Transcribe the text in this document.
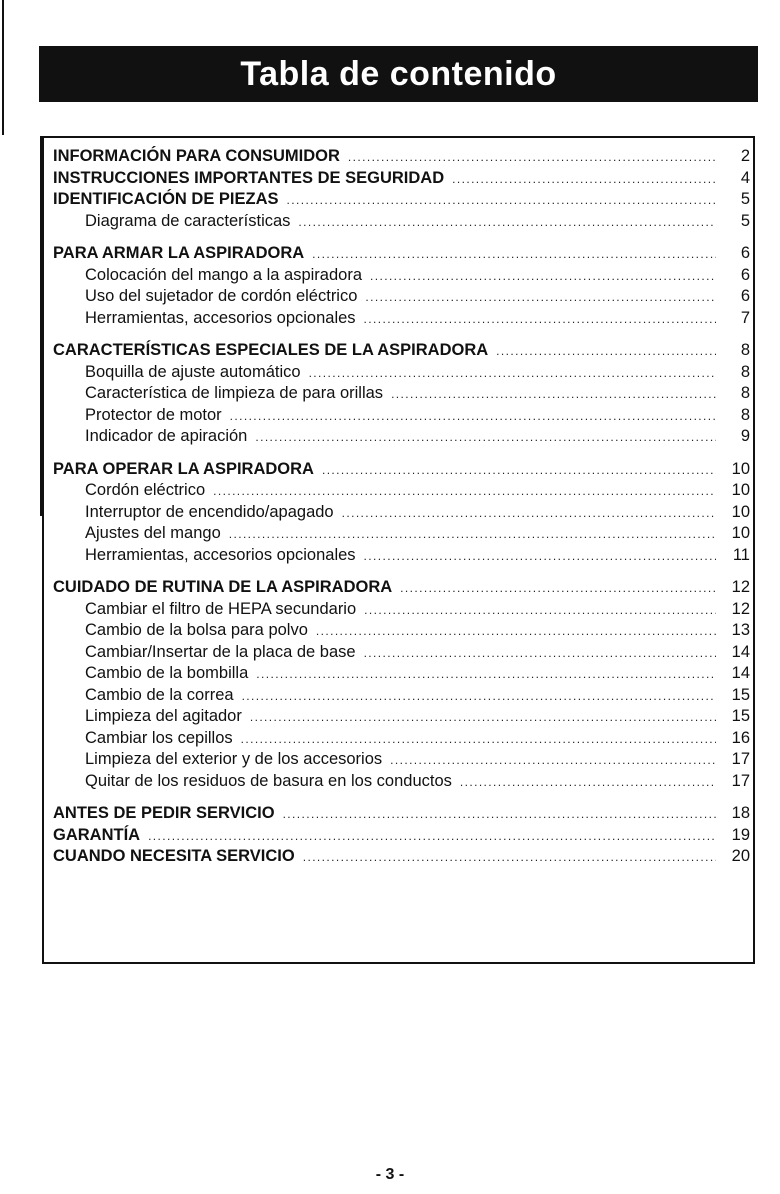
Tabla de contenido
INFORMACIÓN PARA CONSUMIDOR .....	2
INSTRUCCIONES IMPORTANTES DE SEGURIDAD .....	4
IDENTIFICACIÓN DE PIEZAS .....	5
Diagrama de características .....	5
PARA ARMAR LA ASPIRADORA .....	6
Colocación del mango a la aspiradora .....	6
Uso del sujetador de cordón eléctrico .....	6
Herramientas, accesorios opcionales .....	7
CARACTERÍSTICAS ESPECIALES DE LA ASPIRADORA .....	8
Boquilla de ajuste automático .....	8
Característica de limpieza de para orillas .....	8
Protector de motor .....	8
Indicador de apiración .....	9
PARA OPERAR LA ASPIRADORA .....	10
Cordón eléctrico .....	10
Interruptor de encendido/apagado .....	10
Ajustes del mango .....	10
Herramientas, accesorios opcionales .....	11
CUIDADO DE RUTINA DE LA ASPIRADORA .....	12
Cambiar el filtro de HEPA secundario .....	12
Cambio de la bolsa para polvo .....	13
Cambiar/Insertar de la placa de base .....	14
Cambio de la bombilla .....	14
Cambio de la correa .....	15
Limpieza del agitador .....	15
Cambiar los cepillos .....	16
Limpieza del exterior y de los accesorios .....	17
Quitar de los residuos de basura en los conductos .....	17
ANTES DE PEDIR SERVICIO .....	18
GARANTÍA .....	19
CUANDO NECESITA SERVICIO .....	20
- 3 -
